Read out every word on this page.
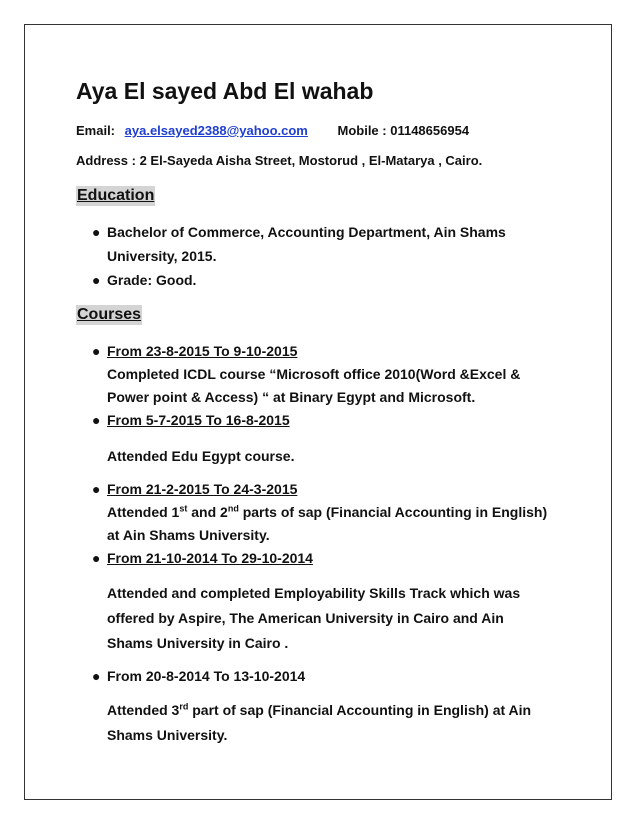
Aya El sayed Abd El wahab
Email: aya.elsayed2388@yahoo.com Mobile : 01148656954
Address : 2 El-Sayeda Aisha Street, Mostorud , El-Matarya , Cairo.
Education
● Bachelor of Commerce, Accounting Department, Ain Shams
University, 2015.
● Grade: Good.
Courses
● From 23-8-2015 To 9-10-2015
Completed ICDL course “Microsoft office 2010(Word &Excel &
Power point & Access) “ at Binary Egypt and Microsoft.
● From 5-7-2015 To 16-8-2015
Attended Edu Egypt course.
● From 21-2-2015 To 24-3-2015
Attended 1st and 2nd parts of sap (Financial Accounting in English)
at Ain Shams University.
● From 21-10-2014 To 29-10-2014
Attended and completed Employability Skills Track which was
offered by Aspire, The American University in Cairo and Ain
Shams University in Cairo .
● From 20-8-2014 To 13-10-2014
Attended 3rd part of sap (Financial Accounting in English) at Ain
Shams University.
